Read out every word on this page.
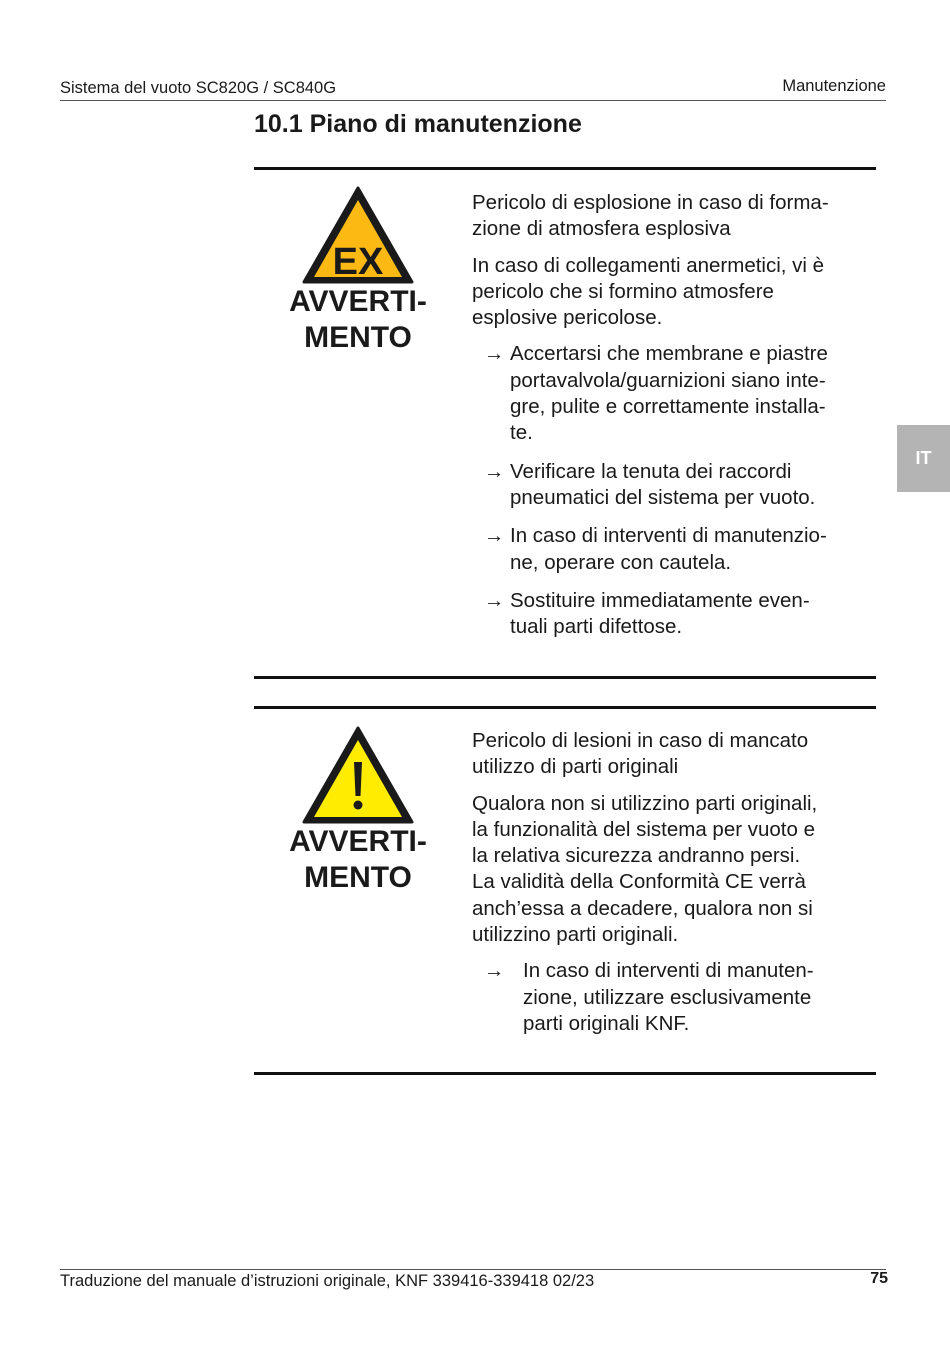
Sistema del vuoto SC820G / SC840G	Manutenzione
10.1 Piano di manutenzione
IT
EX
AVVERTI-
MENTO

Pericolo di esplosione in caso di forma-
zione di atmosfera esplosiva

In caso di collegamenti anermetici, vi è
pericolo che si formino atmosfere
esplosive pericolose.

→ Accertarsi che membrane e piastre
portavalvola/guarnizioni siano inte-
gre, pulite e correttamente installa-
te.
→ Verificare la tenuta dei raccordi
pneumatici del sistema per vuoto.
→ In caso di interventi di manutenzio-
ne, operare con cautela.
→ Sostituire immediatamente even-
tuali parti difettose.
AVVERTI-
MENTO

Pericolo di lesioni in caso di mancato
utilizzo di parti originali

Qualora non si utilizzino parti originali,
la funzionalità del sistema per vuoto e
la relativa sicurezza andranno persi.
La validità della Conformità CE verrà
anch’essa a decadere, qualora non si
utilizzino parti originali.

→ In caso di interventi di manuten-
zione, utilizzare esclusivamente
parti originali KNF.
Traduzione del manuale d’istruzioni originale, KNF 339416-339418 02/23	75
